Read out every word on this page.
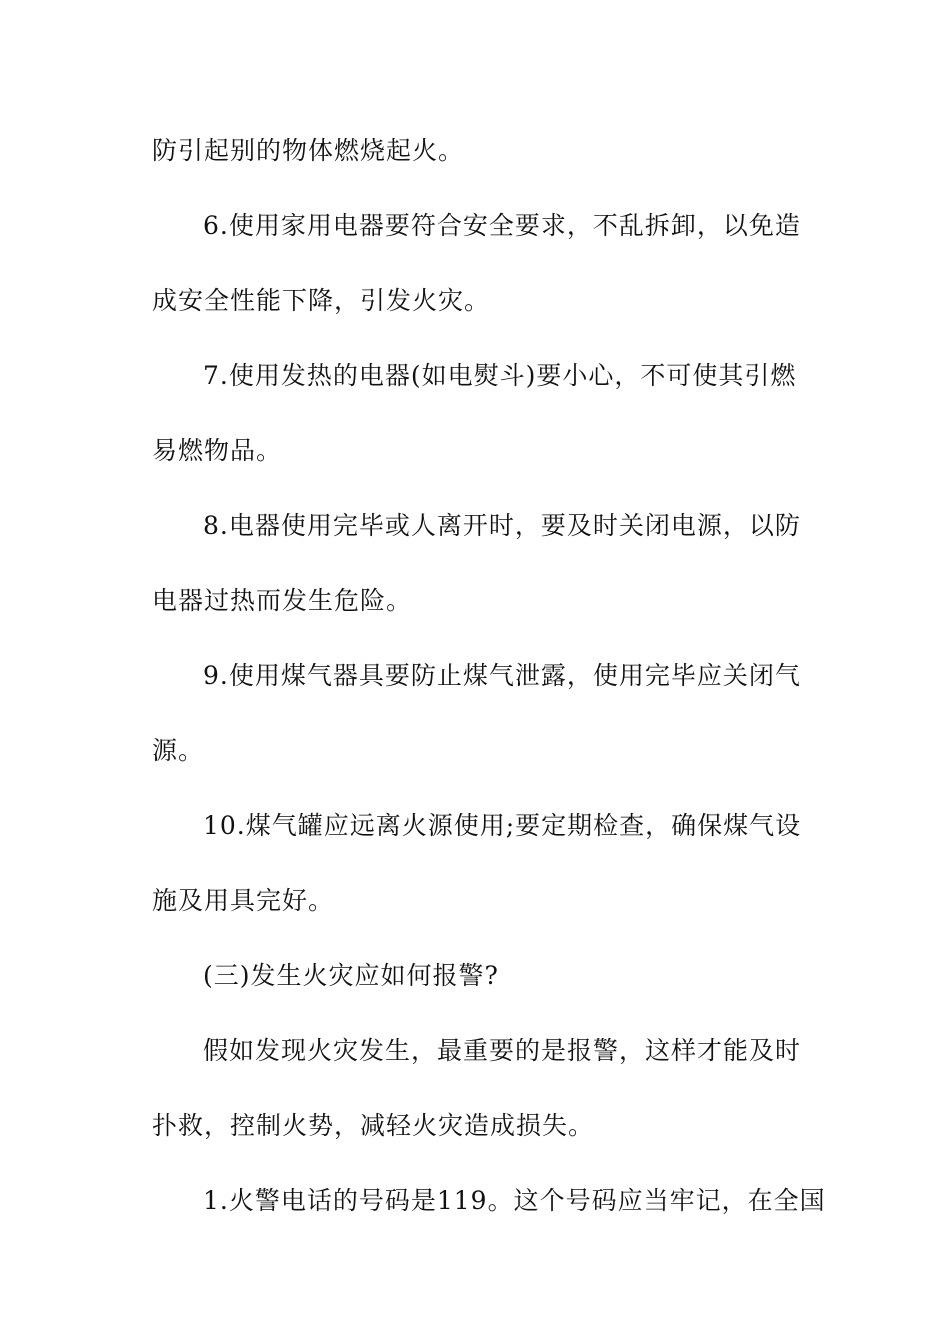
防引起别的物体燃烧起火。
6.使用家用电器要符合安全要求，不乱拆卸，以免造
成安全性能下降，引发火灾。
7.使用发热的电器(如电熨斗)要小心，不可使其引燃
易燃物品。
8.电器使用完毕或人离开时，要及时关闭电源，以防
电器过热而发生危险。
9.使用煤气器具要防止煤气泄露，使用完毕应关闭气
源。
10.煤气罐应远离火源使用;要定期检查，确保煤气设
施及用具完好。
(三)发生火灾应如何报警?
假如发现火灾发生，最重要的是报警，这样才能及时
扑救，控制火势，减轻火灾造成损失。
1.火警电话的号码是119。这个号码应当牢记，在全国
